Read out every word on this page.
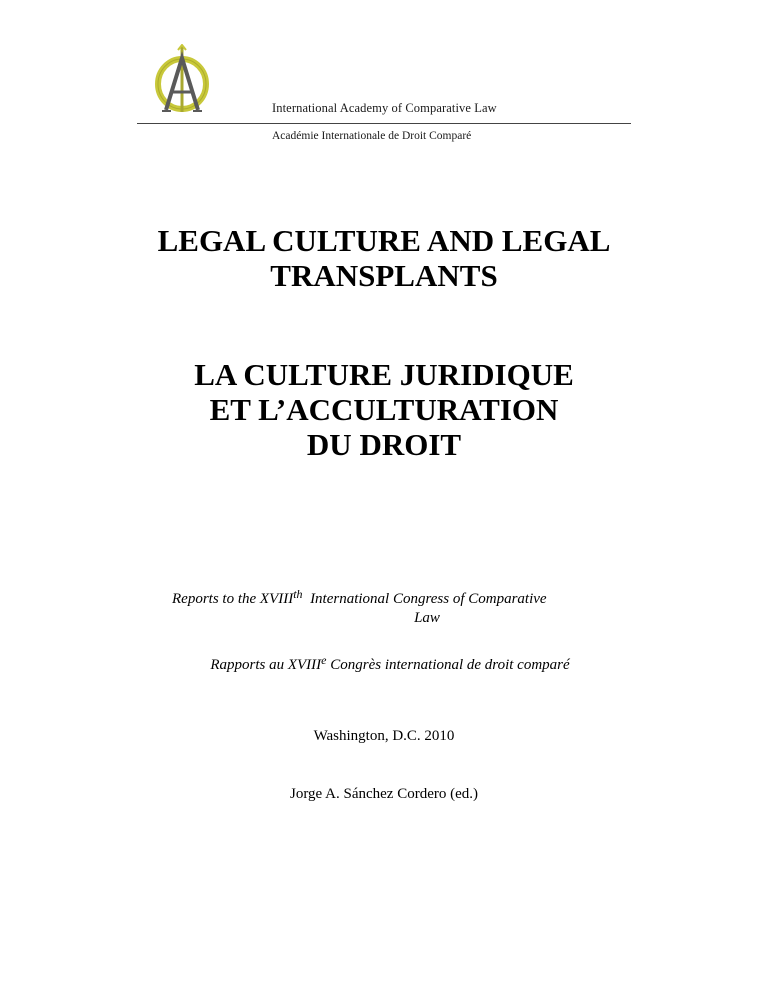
International Academy of Comparative Law
Académie Internationale de Droit Comparé
LEGAL CULTURE AND LEGAL
TRANSPLANTS
LA CULTURE JURIDIQUE
ET L’ACCULTURATION
DU DROIT
Reports to the XVIIIth  International Congress of Comparative
Law
Rapports au XVIIIe Congrès international de droit comparé
Washington, D.C. 2010
Jorge A. Sánchez Cordero (ed.)
